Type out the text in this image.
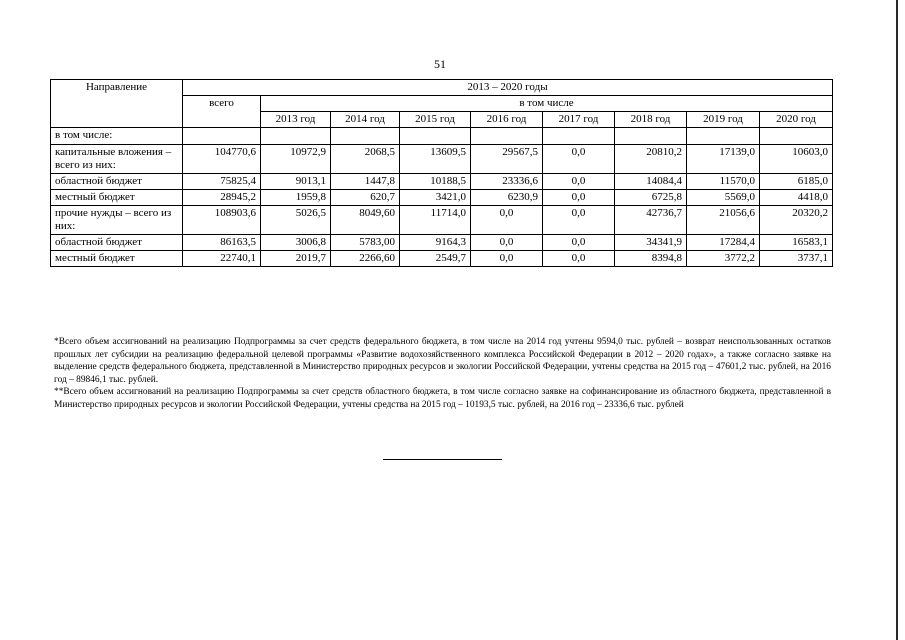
51
Направление	2013 – 2020 годы								
	всего	в том числе							
		2013 год	2014 год	2015 год	2016 год	2017 год	2018 год	2019 год	2020 год
в том числе:									
капитальные вложения – всего из них:	104770,6	10972,9	2068,5	13609,5	29567,5	0,0	20810,2	17139,0	10603,0
областной бюджет	75825,4	9013,1	1447,8	10188,5	23336,6	0,0	14084,4	11570,0	6185,0
местный бюджет	28945,2	1959,8	620,7	3421,0	6230,9	0,0	6725,8	5569,0	4418,0
прочие нужды – всего из них:	108903,6	5026,5	8049,60	11714,0	0,0	0,0	42736,7	21056,6	20320,2
областной бюджет	86163,5	3006,8	5783,00	9164,3	0,0	0,0	34341,9	17284,4	16583,1
местный бюджет	22740,1	2019,7	2266,60	2549,7	0,0	0,0	8394,8	3772,2	3737,1

*Всего объем ассигнований на реализацию Подпрограммы за счет средств федерального бюджета, в том числе на 2014 год учтены 9594,0 тыс. рублей – возврат неиспользованных остатков прошлых лет субсидии на реализацию федеральной целевой программы «Развитие водохозяйственного комплекса Российской Федерации в 2012 – 2020 годах», а также согласно заявке на выделение средств федерального бюджета, представленной в Министерство природных ресурсов и экологии Российской Федерации, учтены средства на 2015 год – 47601,2 тыс. рублей, на 2016 год – 89846,1 тыс. рублей.

**Всего объем ассигнований на реализацию Подпрограммы за счет средств областного бюджета, в том числе согласно заявке на софинансирование из областного бюджета, представленной в Министерство природных ресурсов и экологии Российской Федерации, учтены средства на 2015 год – 10193,5 тыс. рублей, на 2016 год – 23336,6 тыс. рублей
